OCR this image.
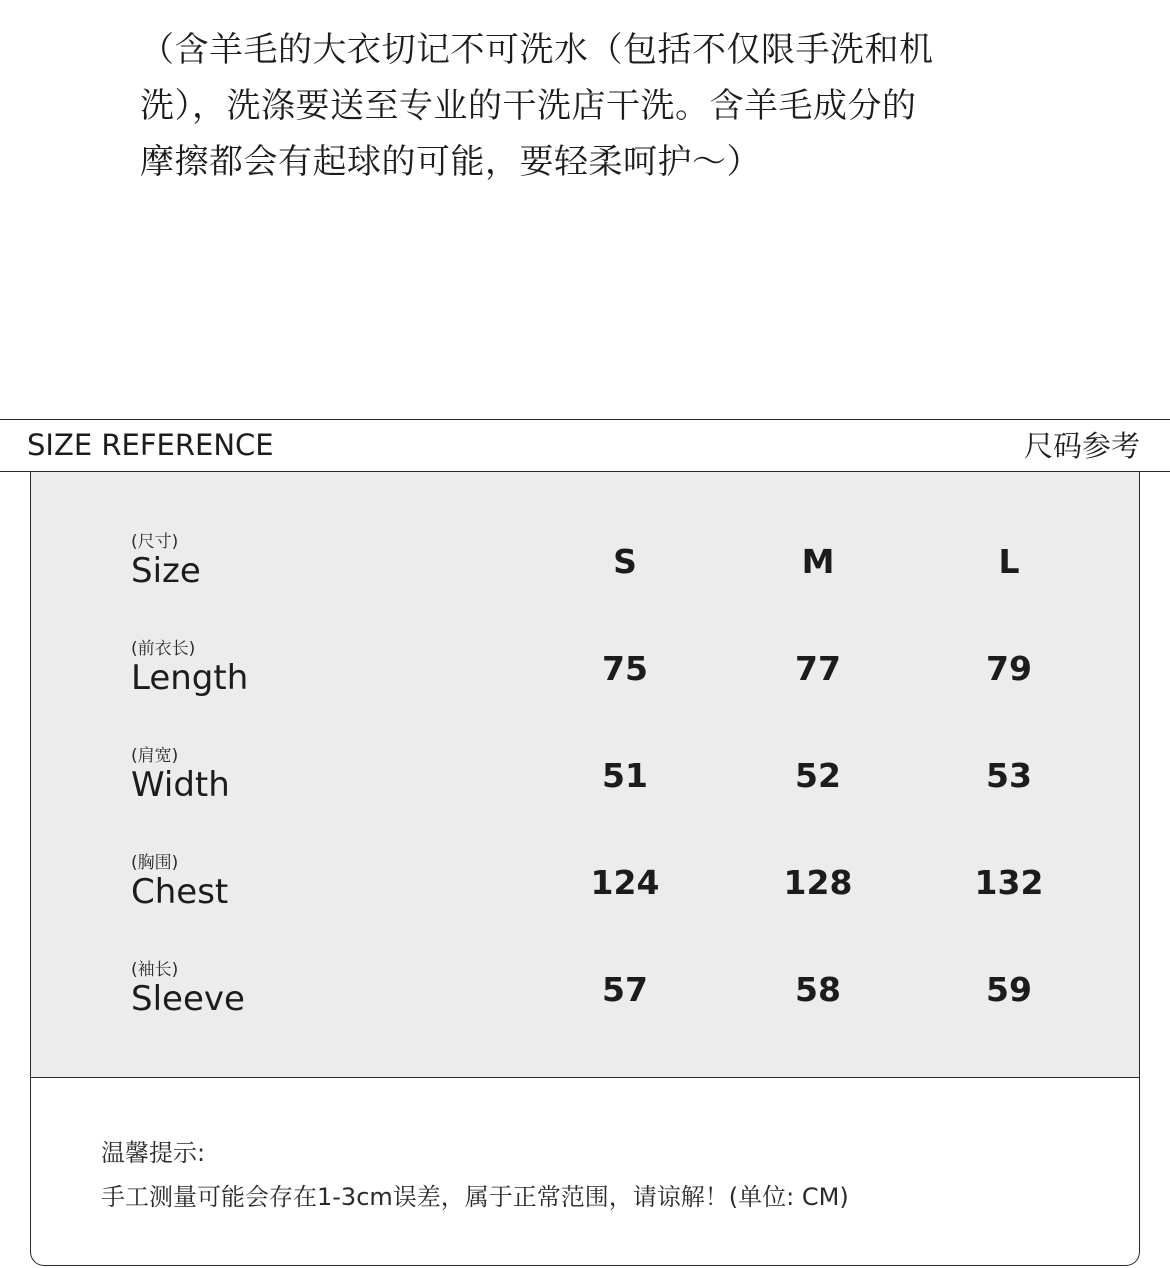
（含羊毛的大衣切记不可洗水（包括不仅限手洗和机
洗），洗涤要送至专业的干洗店干洗。含羊毛成分的
摩擦都会有起球的可能，要轻柔呵护～）
SIZE REFERENCE	尺码参考
(尺寸)
Size	S	M	L
(前衣长)
Length	75	77	79
(肩宽)
Width	51	52	53
(胸围)
Chest	124	128	132
(袖长)
Sleeve	57	58	59
温馨提示:
手工测量可能会存在1-3cm误差，属于正常范围，请谅解！(单位: CM)
